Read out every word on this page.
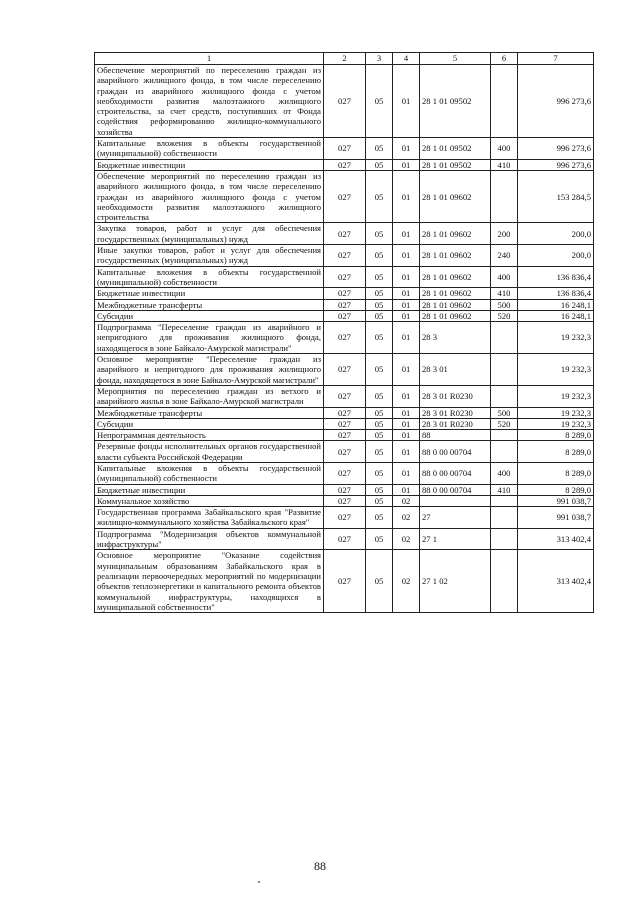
1	2	3	4	5	6	7
Обеспечение мероприятий по переселению граждан из аварийного жилищного фонда, в том числе переселению граждан из аварийного жилищного фонда с учетом необходимости развития малоэтажного жилищного строительства, за счет средств, поступивших от Фонда содействия реформированию жилищно-коммунального хозяйства	027	05	01	28 1 01 09502		996 273,6
Капитальные вложения в объекты государственной (муниципальной) собственности	027	05	01	28 1 01 09502	400	996 273,6
Бюджетные инвестиции	027	05	01	28 1 01 09502	410	996 273,6
Обеспечение мероприятий по переселению граждан из аварийного жилищного фонда, в том числе переселению граждан из аварийного жилищного фонда с учетом необходимости развития малоэтажного жилищного строительства	027	05	01	28 1 01 09602		153 284,5
Закупка товаров, работ и услуг для обеспечения государственных (муниципальных) нужд	027	05	01	28 1 01 09602	200	200,0
Иные закупки товаров, работ и услуг для обеспечения государственных (муниципальных) нужд	027	05	01	28 1 01 09602	240	200,0
Капитальные вложения в объекты государственной (муниципальной) собственности	027	05	01	28 1 01 09602	400	136 836,4
Бюджетные инвестиции	027	05	01	28 1 01 09602	410	136 836,4
Межбюджетные трансферты	027	05	01	28 1 01 09602	500	16 248,1
Субсидии	027	05	01	28 1 01 09602	520	16 248,1
Подпрограмма "Переселение граждан из аварийного и непригодного для проживания жилищного фонда, находящегося в зоне Байкало-Амурской магистрали"	027	05	01	28 3		19 232,3
Основное мероприятие "Переселение граждан из аварийного и непригодного для проживания жилищного фонда, находящегося в зоне Байкало-Амурской магистрали"	027	05	01	28 3 01		19 232,3
Мероприятия по переселению граждан из ветхого и аварийного жилья в зоне Байкало-Амурской магистрали	027	05	01	28 3 01 R0230		19 232,3
Межбюджетные трансферты	027	05	01	28 3 01 R0230	500	19 232,3
Субсидии	027	05	01	28 3 01 R0230	520	19 232,3
Непрограммная деятельность	027	05	01	88		8 289,0
Резервные фонды исполнительных органов государственной власти субъекта Российской Федерации	027	05	01	88 0 00 00704		8 289,0
Капитальные вложения в объекты государственной (муниципальной) собственности	027	05	01	88 0 00 00704	400	8 289,0
Бюджетные инвестиции	027	05	01	88 0 00 00704	410	8 289,0
Коммунальное хозяйство	027	05	02			991 038,7
Государственная программа Забайкальского края "Развитие жилищно-коммунального хозяйства Забайкальского края"	027	05	02	27		991 038,7
Подпрограмма "Модернизация объектов коммунальной инфраструктуры"	027	05	02	27 1		313 402,4
Основное мероприятие "Оказание содействия муниципальным образованиям Забайкальского края в реализации первоочередных мероприятий по модернизации объектов теплоэнергетики и капитального ремонта объектов коммунальной инфраструктуры, находящихся в муниципальной собственности"	027	05	02	27 1 02		313 402,4
88
